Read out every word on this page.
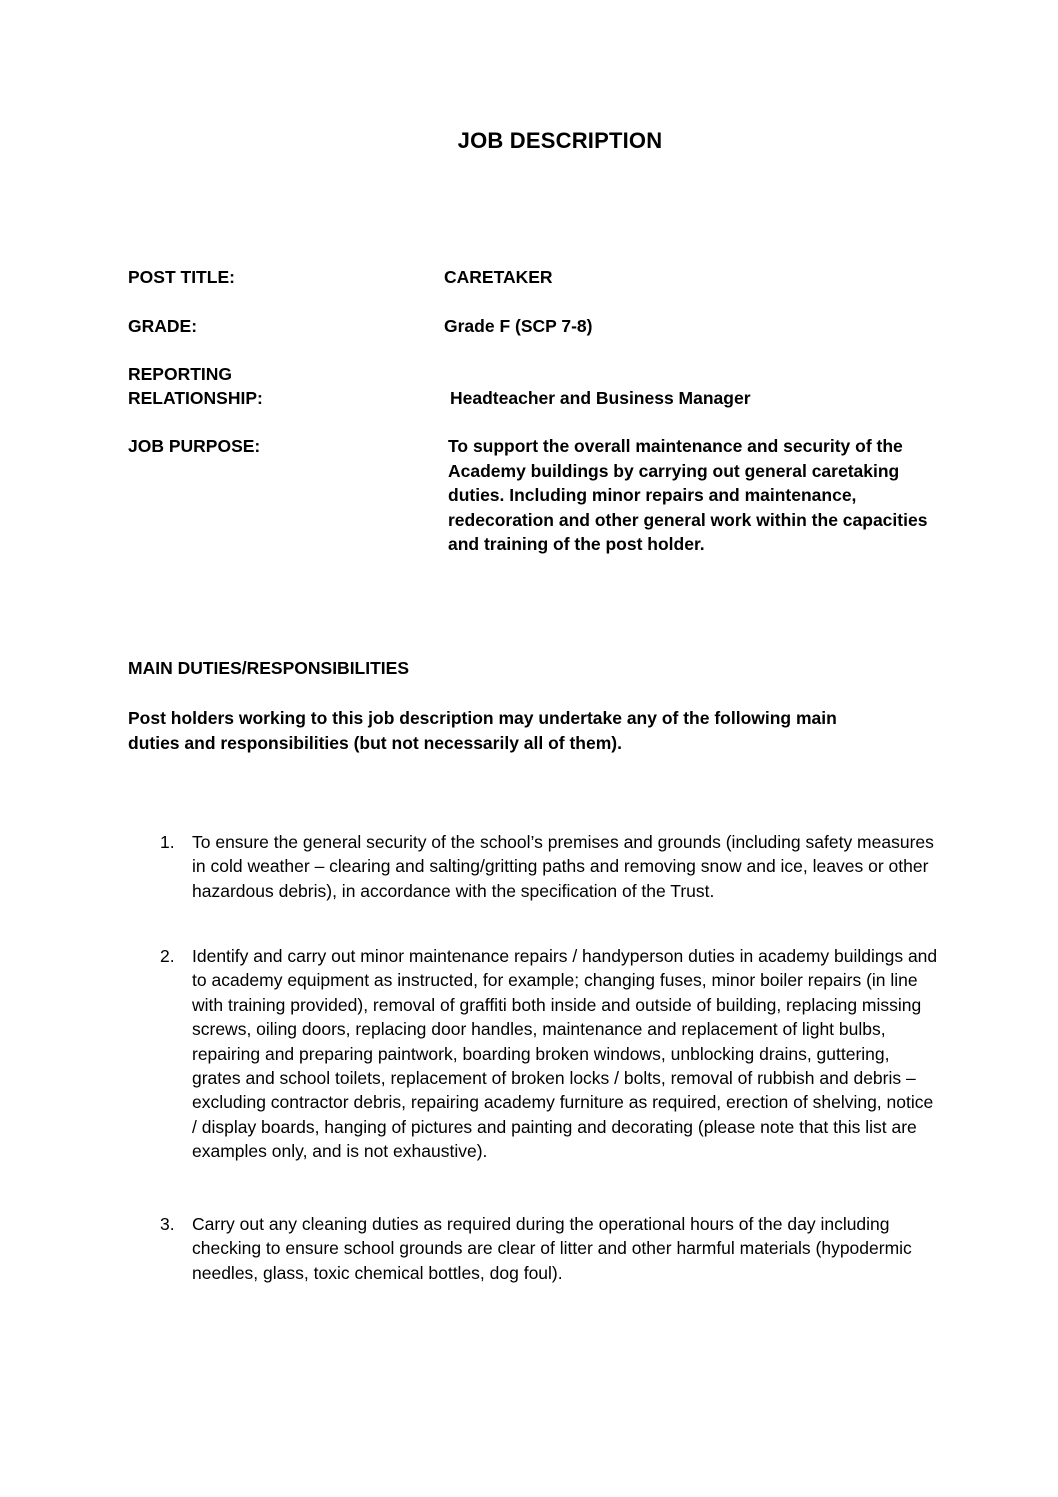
JOB DESCRIPTION
POST TITLE:	CARETAKER
GRADE:	Grade F (SCP 7-8)
REPORTING
RELATIONSHIP:	Headteacher and Business Manager
JOB PURPOSE:	To support the overall maintenance and security of the Academy buildings by carrying out general caretaking duties. Including minor repairs and maintenance, redecoration and other general work within the capacities and training of the post holder.
MAIN DUTIES/RESPONSIBILITIES
Post holders working to this job description may undertake any of the following main duties and responsibilities (but not necessarily all of them).
1. To ensure the general security of the school’s premises and grounds (including safety measures in cold weather – clearing and salting/gritting paths and removing snow and ice, leaves or other hazardous debris), in accordance with the specification of the Trust.
2. Identify and carry out minor maintenance repairs / handyperson duties in academy buildings and to academy equipment as instructed, for example; changing fuses, minor boiler repairs (in line with training provided), removal of graffiti both inside and outside of building, replacing missing screws, oiling doors, replacing door handles, maintenance and replacement of light bulbs, repairing and preparing paintwork, boarding broken windows, unblocking drains, guttering, grates and school toilets, replacement of broken locks / bolts, removal of rubbish and debris – excluding contractor debris, repairing academy furniture as required, erection of shelving, notice / display boards, hanging of pictures and painting and decorating (please note that this list are examples only, and is not exhaustive).
3. Carry out any cleaning duties as required during the operational hours of the day including checking to ensure school grounds are clear of litter and other harmful materials (hypodermic needles, glass, toxic chemical bottles, dog foul).
